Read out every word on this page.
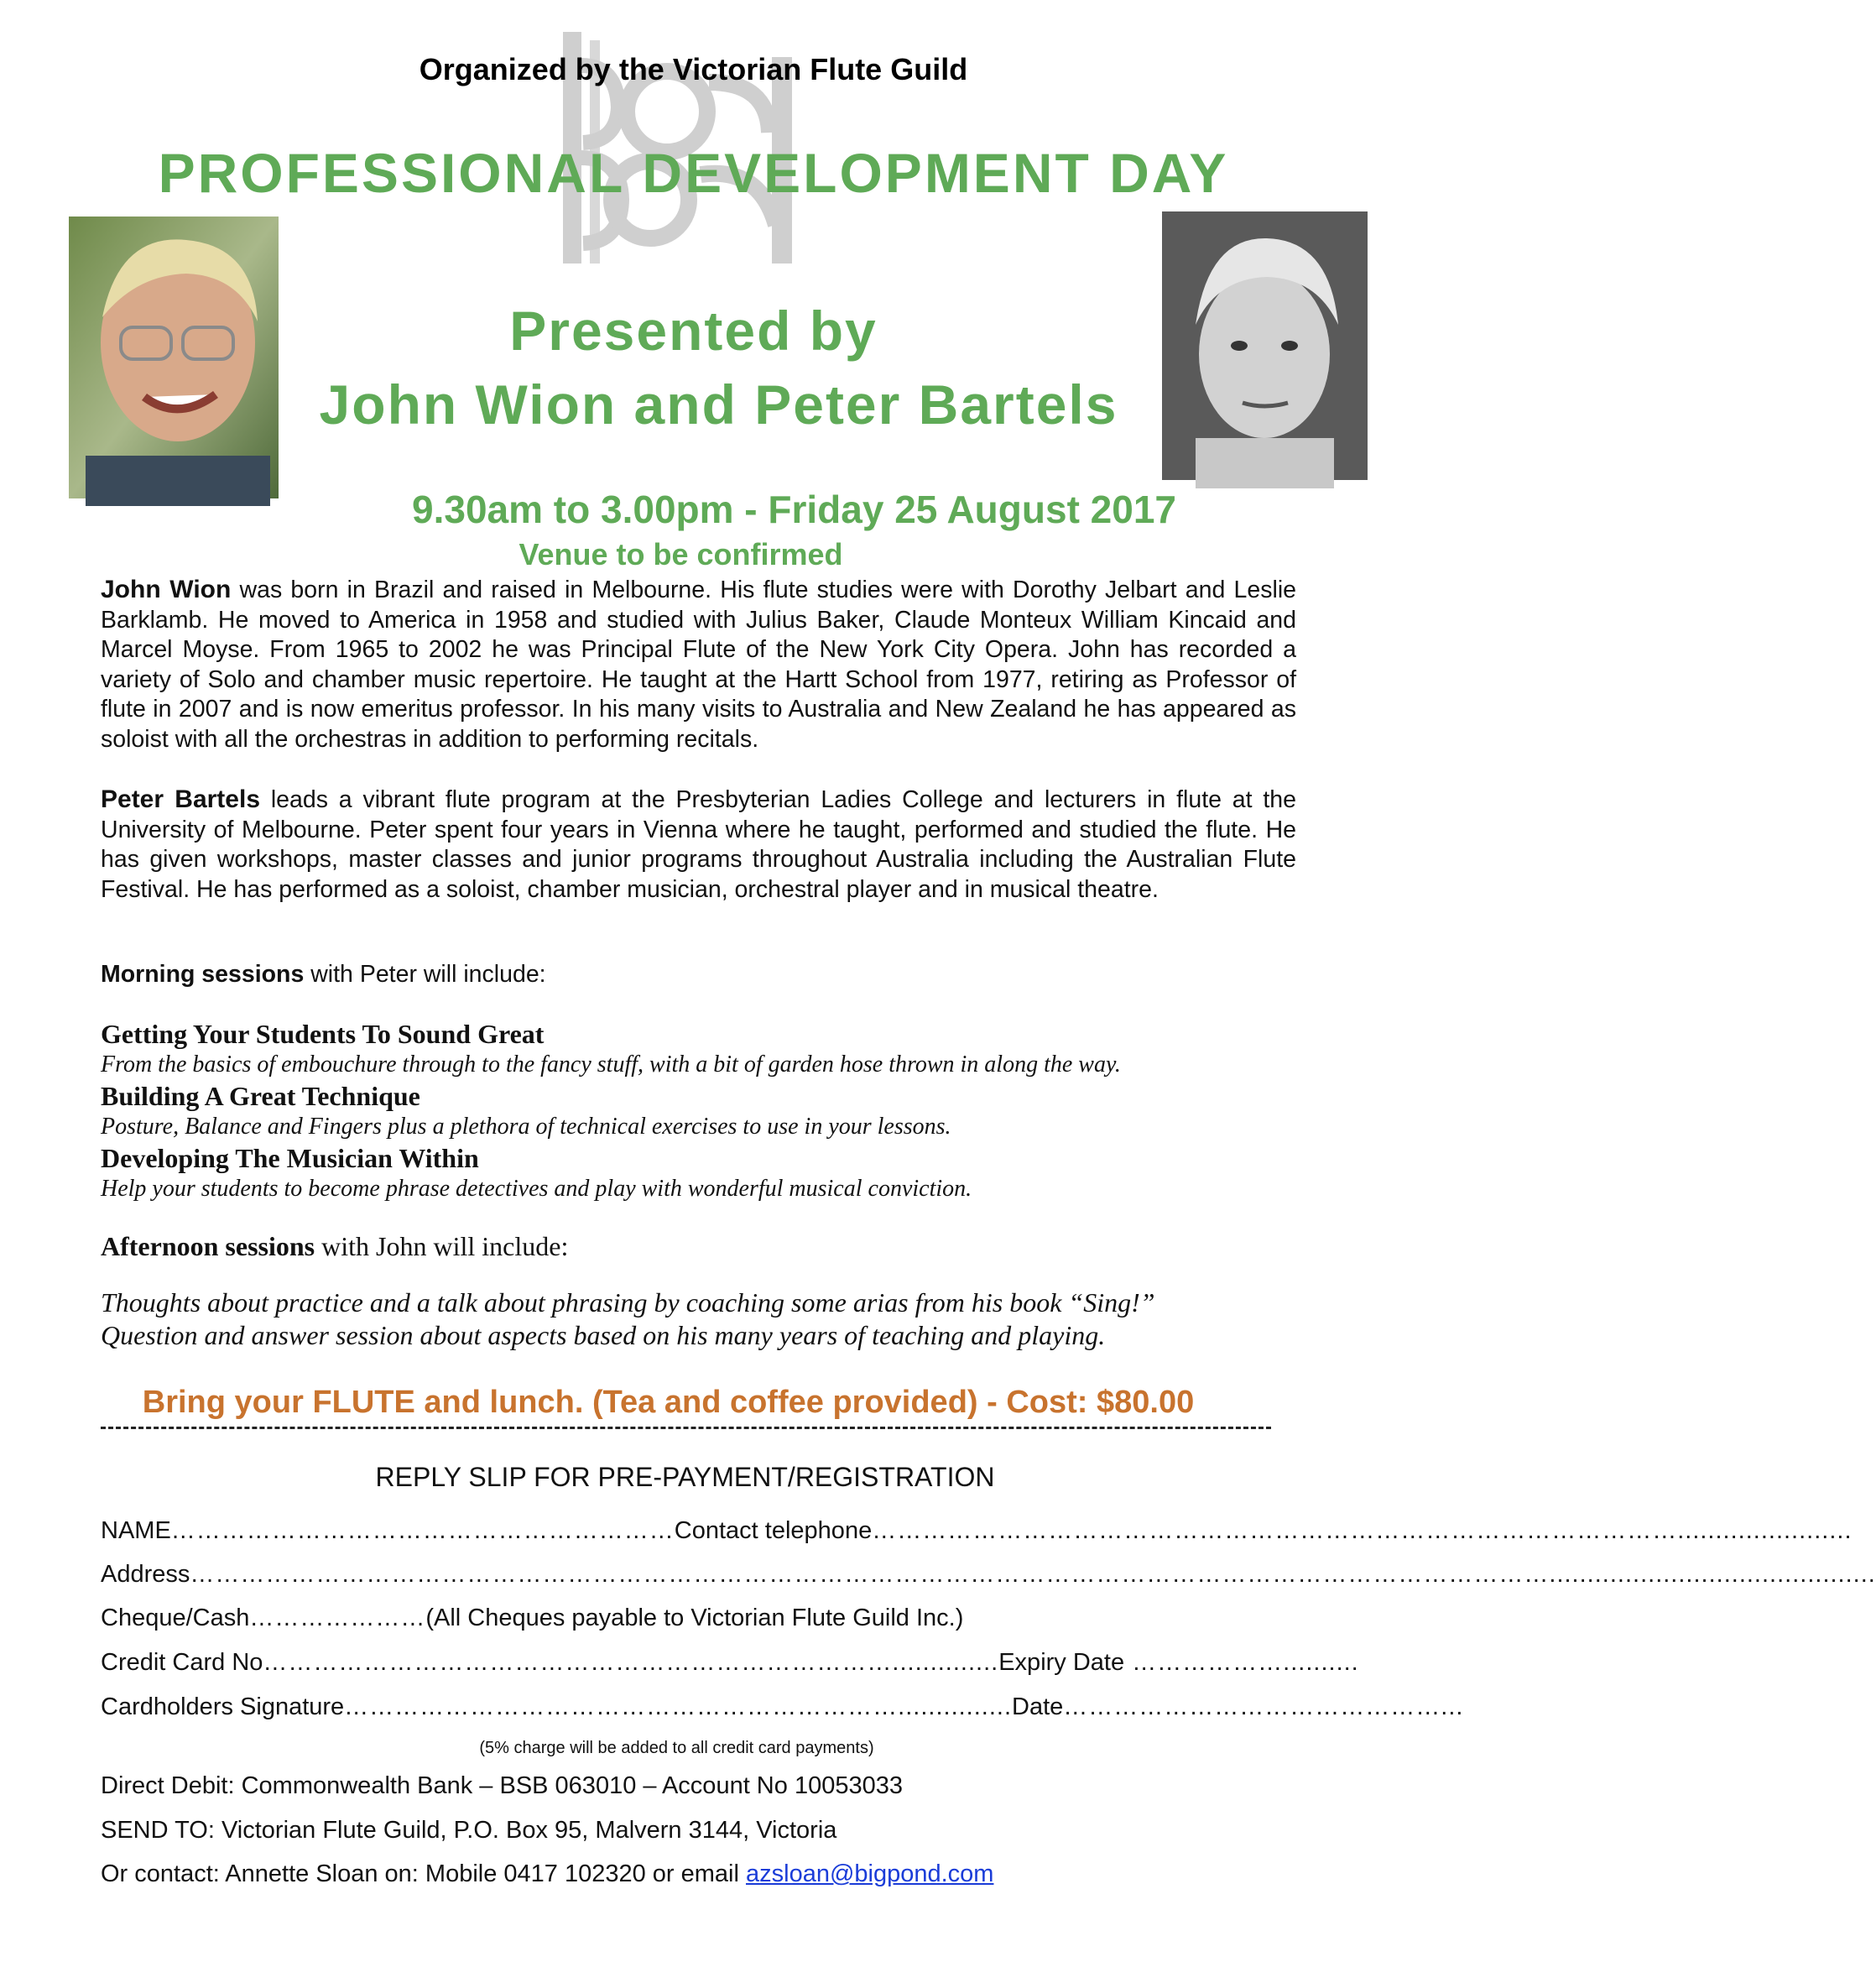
Organized by the Victorian Flute Guild
PROFESSIONAL DEVELOPMENT DAY
Presented by
John Wion and Peter Bartels
9.30am to 3.00pm - Friday 25 August 2017
Venue to be confirmed
John Wion was born in Brazil and raised in Melbourne. His flute studies were with Dorothy Jelbart and Leslie Barklamb. He moved to America in 1958 and studied with Julius Baker, Claude Monteux William Kincaid and Marcel Moyse. From 1965 to 2002 he was Principal Flute of the New York City Opera. John has recorded a variety of Solo and chamber music repertoire. He taught at the Hartt School from 1977, retiring as Professor of flute in 2007 and is now emeritus professor. In his many visits to Australia and New Zealand he has appeared as soloist with all the orchestras in addition to performing recitals.
Peter Bartels leads a vibrant flute program at the Presbyterian Ladies College and lecturers in flute at the University of Melbourne. Peter spent four years in Vienna where he taught, performed and studied the flute. He has given workshops, master classes and junior programs throughout Australia including the Australian Flute Festival. He has performed as a soloist, chamber musician, orchestral player and in musical theatre.
Morning sessions with Peter will include:
Getting Your Students To Sound Great
From the basics of embouchure through to the fancy stuff, with a bit of garden hose thrown in along the way.
Building A Great Technique
Posture, Balance and Fingers plus a plethora of technical exercises to use in your lessons.
Developing The Musician Within
Help your students to become phrase detectives and play with wonderful musical conviction.
Afternoon sessions with John will include:
Thoughts about practice and a talk about phrasing by coaching some arias from his book “Sing!”
Question and answer session about aspects based on his many years of teaching and playing.
Bring your FLUTE and lunch. (Tea and coffee provided) - Cost: $80.00
REPLY SLIP FOR PRE-PAYMENT/REGISTRATION
NAME……………………………………………………Contact telephone…………………………………………………………………………………….......................
Address………………………………………………………………………………………………………………………………………………...........................................
Cheque/Cash…………………(All Cheques payable to Victorian Flute Guild Inc.)
Credit Card No…………………………………………………………………..............Expiry Date ………………..........
Cardholders Signature…………………………………………………………...............Date………………………………………...
(5% charge will be added to all credit card payments)
Direct Debit: Commonwealth Bank – BSB 063010 – Account No 10053033
SEND TO: Victorian Flute Guild, P.O. Box 95, Malvern 3144, Victoria
Or contact: Annette Sloan on: Mobile 0417 102320 or email azsloan@bigpond.com
